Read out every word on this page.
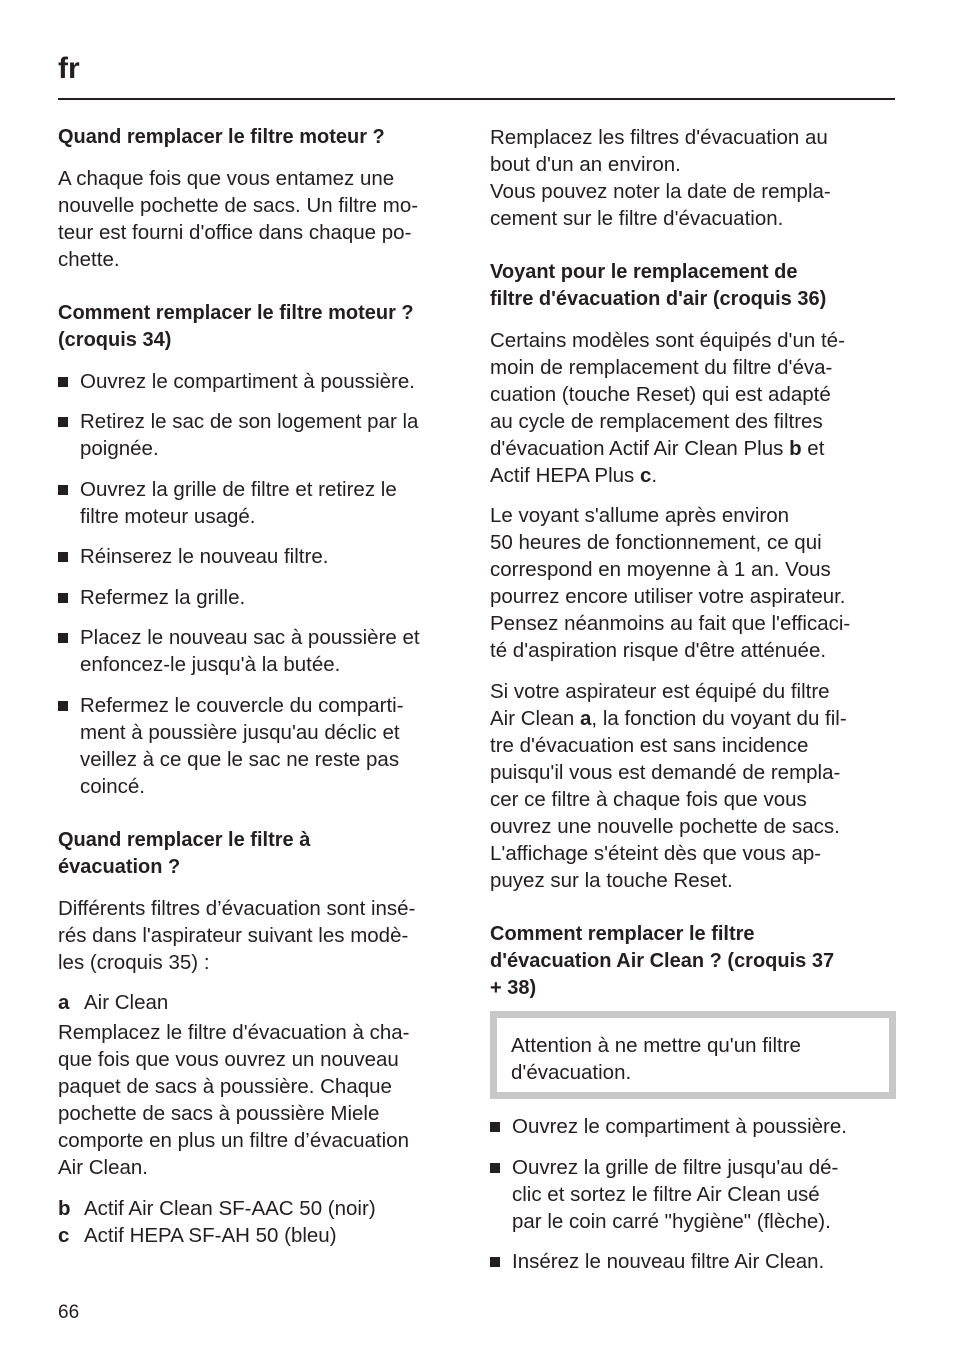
fr
Quand remplacer le filtre moteur ?
A chaque fois que vous entamez une
nouvelle pochette de sacs. Un filtre mo-
teur est fourni d'office dans chaque po-
chette.
Comment remplacer le filtre moteur ?
(croquis 34)
Ouvrez le compartiment à poussière.
Retirez le sac de son logement par la
poignée.
Ouvrez la grille de filtre et retirez le
filtre moteur usagé.
Réinserez le nouveau filtre.
Refermez la grille.
Placez le nouveau sac à poussière et
enfoncez-le jusqu'à la butée.
Refermez le couvercle du comparti-
ment à poussière jusqu'au déclic et
veillez à ce que le sac ne reste pas
coincé.
Quand remplacer le filtre à
évacuation ?
Différents filtres d’évacuation sont insé-
rés dans l'aspirateur suivant les modè-
les (croquis 35) :
a Air Clean
Remplacez le filtre d'évacuation à cha-
que fois que vous ouvrez un nouveau
paquet de sacs à poussière. Chaque
pochette de sacs à poussière Miele
comporte en plus un filtre d’évacuation
Air Clean.
b Actif Air Clean SF-AAC 50 (noir)
c Actif HEPA SF-AH 50 (bleu)
Remplacez les filtres d'évacuation au
bout d'un an environ.
Vous pouvez noter la date de rempla-
cement sur le filtre d'évacuation.
Voyant pour le remplacement de
filtre d'évacuation d'air (croquis 36)
Certains modèles sont équipés d'un té-
moin de remplacement du filtre d'éva-
cuation (touche Reset) qui est adapté
au cycle de remplacement des filtres
d'évacuation Actif Air Clean Plus b et
Actif HEPA Plus c.
Le voyant s'allume après environ
50 heures de fonctionnement, ce qui
correspond en moyenne à 1 an. Vous
pourrez encore utiliser votre aspirateur.
Pensez néanmoins au fait que l'efficaci-
té d'aspiration risque d'être atténuée.
Si votre aspirateur est équipé du filtre
Air Clean a, la fonction du voyant du fil-
tre d'évacuation est sans incidence
puisqu'il vous est demandé de rempla-
cer ce filtre à chaque fois que vous
ouvrez une nouvelle pochette de sacs.
L'affichage s'éteint dès que vous ap-
puyez sur la touche Reset.
Comment remplacer le filtre
d'évacuation Air Clean ? (croquis 37
+ 38)
Attention à ne mettre qu'un filtre
d'évacuation.
Ouvrez le compartiment à poussière.
Ouvrez la grille de filtre jusqu'au dé-
clic et sortez le filtre Air Clean usé
par le coin carré "hygiène" (flèche).
Insérez le nouveau filtre Air Clean.
66
